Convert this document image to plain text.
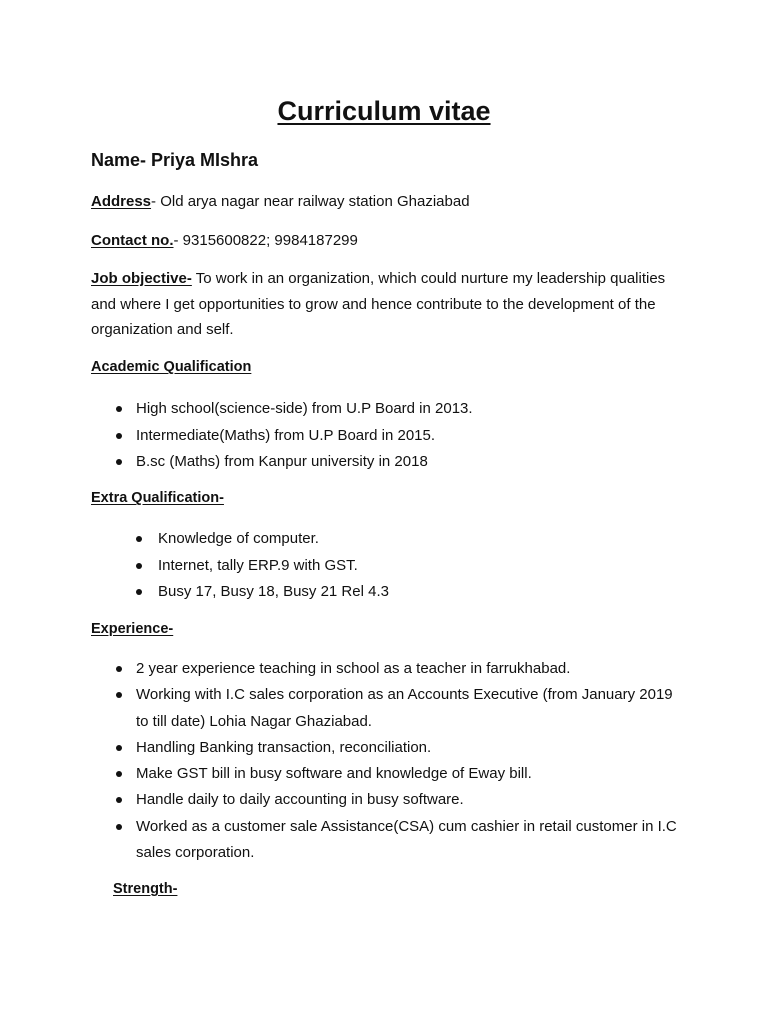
Curriculum vitae

Name- Priya MIshra

Address- Old arya nagar near railway station Ghaziabad

Contact no.- 9315600822; 9984187299

Job objective- To work in an organization, which could nurture my leadership qualities and where I get opportunities to grow and hence contribute to the development of the organization and self.

Academic Qualification

High school(science-side) from U.P Board in 2013.
Intermediate(Maths) from U.P Board in 2015.
B.sc (Maths) from Kanpur university in 2018

Extra Qualification-

Knowledge of computer.
Internet, tally ERP.9 with GST.
Busy 17, Busy 18, Busy 21 Rel 4.3

Experience-

2 year experience teaching in school as a teacher in farrukhabad.
Working with I.C sales corporation as an Accounts Executive (from January 2019 to till date) Lohia Nagar Ghaziabad.
Handling Banking transaction, reconciliation.
Make GST bill in busy software and knowledge of Eway bill.
Handle daily to daily accounting in busy software.
Worked as a customer sale Assistance(CSA) cum cashier in retail customer in I.C sales corporation.

Strength-
